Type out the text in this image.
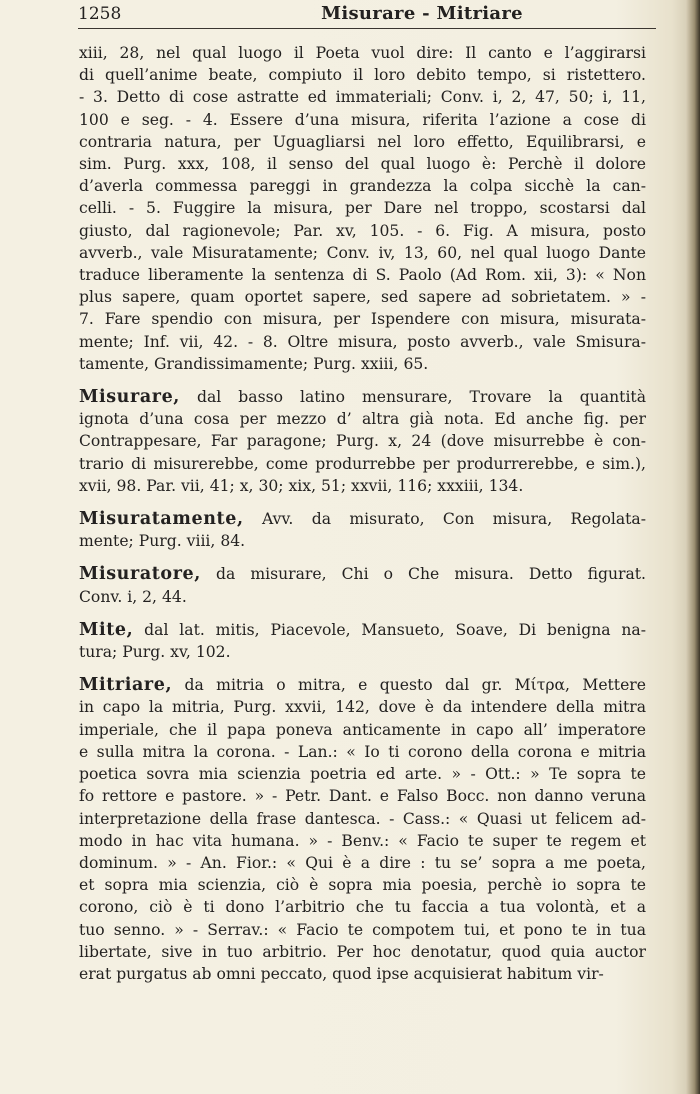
1258	Misurare - Mitriare

xiii, 28, nel qual luogo il Poeta vuol dire: Il canto e l’aggirarsi
di quell’anime beate, compiuto il loro debito tempo, si ristettero.
- 3. Detto di cose astratte ed immateriali; Conv. i, 2, 47, 50; i, 11,
100 e seg. - 4. Essere d’una misura, riferita l’azione a cose di
contraria natura, per Uguagliarsi nel loro effetto, Equilibrarsi, e
sim. Purg. xxx, 108, il senso del qual luogo è: Perchè il dolore
d’averla commessa pareggi in grandezza la colpa sicchè la can-
celli. - 5. Fuggire la misura, per Dare nel troppo, scostarsi dal
giusto, dal ragionevole; Par. xv, 105. - 6. Fig. A misura, posto
avverb., vale Misuratamente; Conv. iv, 13, 60, nel qual luogo Dante
traduce liberamente la sentenza di S. Paolo (Ad Rom. xii, 3): « Non
plus sapere, quam oportet sapere, sed sapere ad sobrietatem. » -
7. Fare spendio con misura, per Ispendere con misura, misurata-
mente; Inf. vii, 42. - 8. Oltre misura, posto avverb., vale Smisura-
tamente, Grandissimamente; Purg. xxiii, 65.

Misurare, dal basso latino mensurare, Trovare la quantità
ignota d’una cosa per mezzo d’ altra già nota. Ed anche fig. per
Contrappesare, Far paragone; Purg. x, 24 (dove misurrebbe è con-
trario di misurerebbe, come produrrebbe per produrrerebbe, e sim.),
xvii, 98. Par. vii, 41; x, 30; xix, 51; xxvii, 116; xxxiii, 134.

Misuratamente, Avv. da misurato, Con misura, Regolata-
mente; Purg. viii, 84.

Misuratore, da misurare, Chi o Che misura. Detto figurat.
Conv. i, 2, 44.

Mite, dal lat. mitis, Piacevole, Mansueto, Soave, Di benigna na-
tura; Purg. xv, 102.

Mitriare, da mitria o mitra, e questo dal gr. Μίτρα, Mettere
in capo la mitria, Purg. xxvii, 142, dove è da intendere della mitra
imperiale, che il papa poneva anticamente in capo all’ imperatore
e sulla mitra la corona. - Lan.: « Io ti corono della corona e mitria
poetica sovra mia scienzia poetria ed arte. » - Ott.: » Te sopra te
fo rettore e pastore. » - Petr. Dant. e Falso Bocc. non danno veruna
interpretazione della frase dantesca. - Cass.: « Quasi ut felicem ad-
modo in hac vita humana. » - Benv.: « Facio te super te regem et
dominum. » - An. Fior.: « Qui è a dire : tu se’ sopra a me poeta,
et sopra mia scienzia, ciò è sopra mia poesia, perchè io sopra te
corono, ciò è ti dono l’arbitrio che tu faccia a tua volontà, et a
tuo senno. » - Serrav.: « Facio te compotem tui, et pono te in tua
libertate, sive in tuo arbitrio. Per hoc denotatur, quod quia auctor
erat purgatus ab omni peccato, quod ipse acquisierat habitum vir-
